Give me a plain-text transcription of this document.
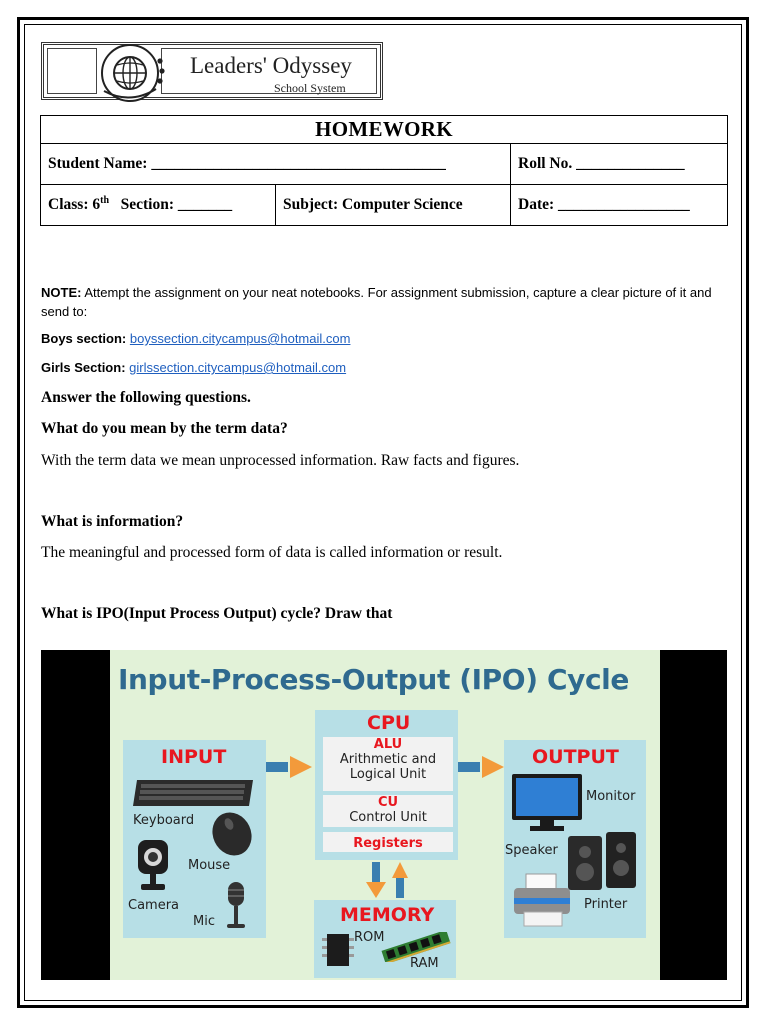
Leaders' Odyssey
School System
HOMEWORK		
Student Name: ______________________________________		Roll No. ______________
Class: 6th Section: _______	Subject: Computer Science	Date: _________________
NOTE: Attempt the assignment on your neat notebooks. For assignment submission, capture a clear picture of it and send to:
Boys section: boyssection.citycampus@hotmail.com
Girls Section: girlssection.citycampus@hotmail.com
Answer the following questions.
What do you mean by the term data?
With the term data we mean unprocessed information. Raw facts and figures.
What is information?
The meaningful and processed form of data is called information or result.
What is IPO(Input Process Output) cycle? Draw that
Input-Process-Output (IPO) Cycle
INPUT
Keyboard
Mouse
Camera
Mic
CPU
ALU
Arithmetic and
Logical Unit
CU
Control Unit
Registers
OUTPUT
Monitor
Speaker
Printer
MEMORY
ROM
RAM
